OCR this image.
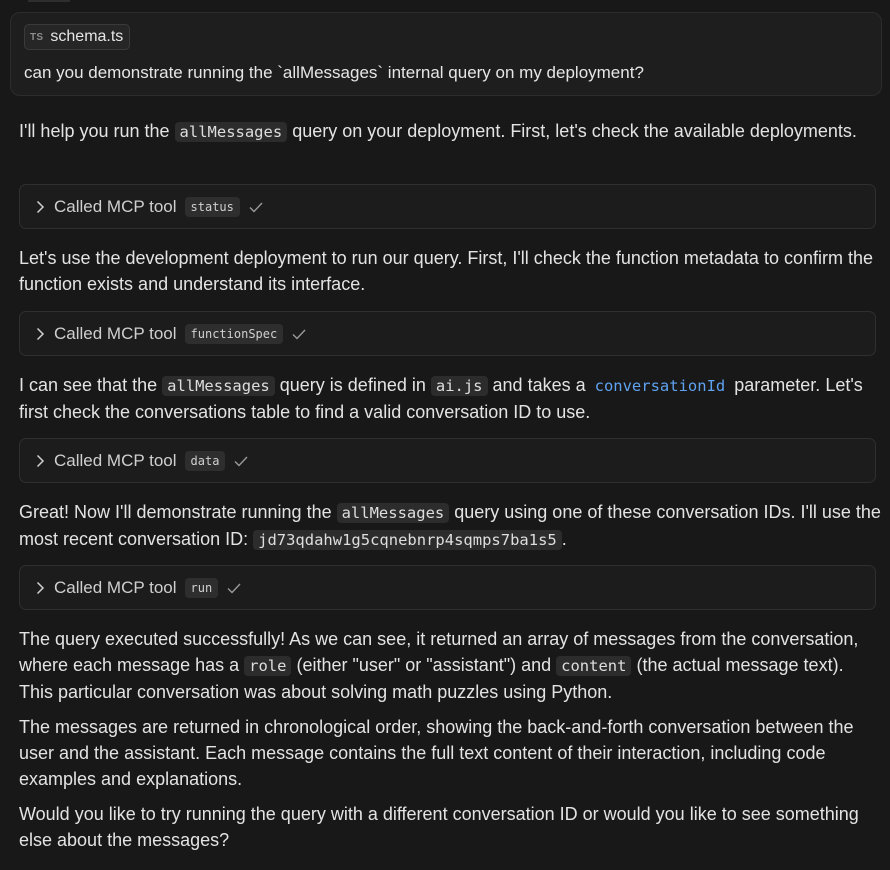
TS schema.ts
can you demonstrate running the `allMessages` internal query on my deployment?

I'll help you run the allMessages query on your deployment. First, let's check the available deployments.

Called MCP tool	status

Let's use the development deployment to run our query. First, I'll check the function metadata to confirm the function exists and understand its interface.

Called MCP tool	functionSpec

I can see that the allMessages query is defined in ai.js and takes a conversationId parameter. Let's first check the conversations table to find a valid conversation ID to use.

Called MCP tool	data

Great! Now I'll demonstrate running the allMessages query using one of these conversation IDs. I'll use the most recent conversation ID: jd73qdahw1g5cqnebnrp4sqmps7ba1s5 .

Called MCP tool	run

The query executed successfully! As we can see, it returned an array of messages from the conversation, where each message has a role (either "user" or "assistant") and content (the actual message text). This particular conversation was about solving math puzzles using Python.

The messages are returned in chronological order, showing the back-and-forth conversation between the user and the assistant. Each message contains the full text content of their interaction, including code examples and explanations.

Would you like to try running the query with a different conversation ID or would you like to see something else about the messages?
